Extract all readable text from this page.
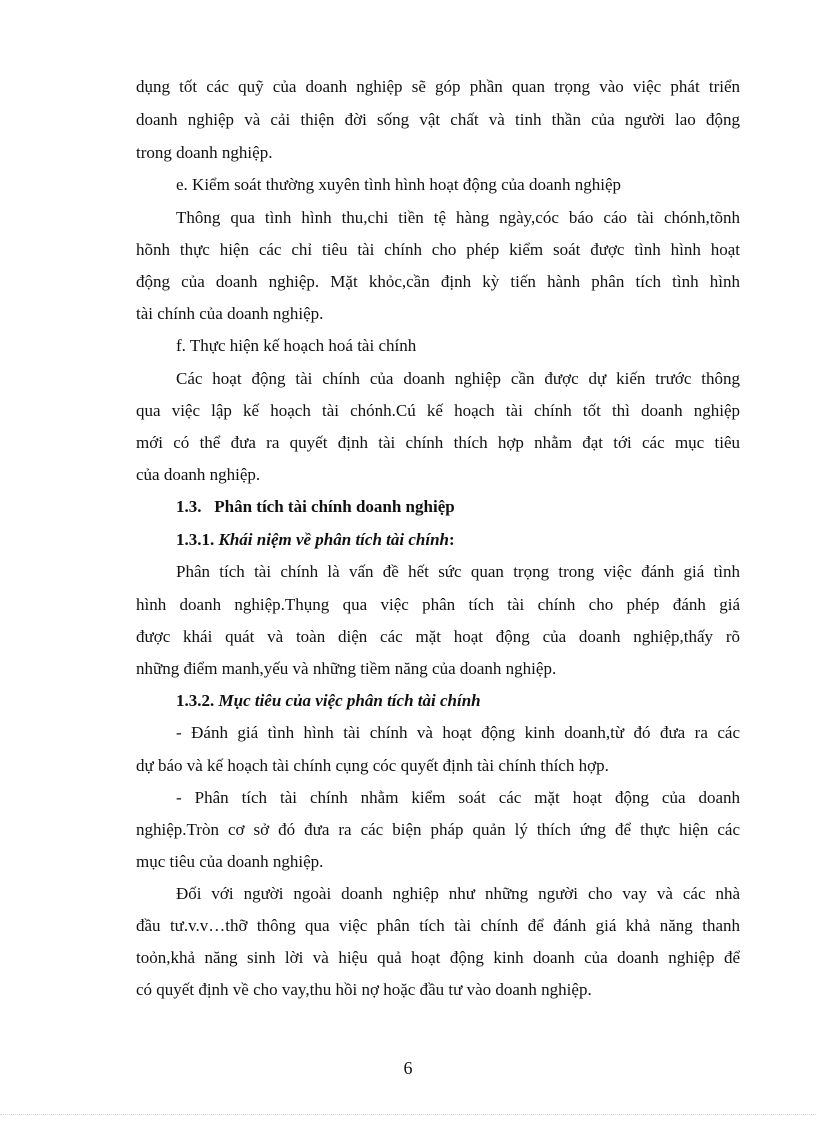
dụng tốt các quỹ của doanh nghiệp sẽ góp phần quan trọng vào việc phát triển
doanh nghiệp và cải thiện đời sống vật chất và tinh thần của người lao động
trong doanh nghiệp.
e. Kiểm soát thường xuyên tình hình hoạt động của doanh nghiệp
Thông qua tình hình thu,chi tiền tệ hàng ngày,cóc báo cáo tài chónh,tõnh
hõnh thực hiện các chỉ tiêu tài chính cho phép kiểm soát được tình hình hoạt
động của doanh nghiệp. Mặt khỏc,cần định kỳ tiến hành phân tích tình hình
tài chính của doanh nghiệp.
f. Thực hiện kế hoạch hoá tài chính
Các hoạt động tài chính của doanh nghiệp cần được dự kiến trước thông
qua việc lập kế hoạch tài chónh.Cú kế hoạch tài chính tốt thì doanh nghiệp
mới có thể đưa ra quyết định tài chính thích hợp nhằm đạt tới các mục tiêu
của doanh nghiệp.
1.3. Phân tích tài chính doanh nghiệp
1.3.1. Khái niệm về phân tích tài chính:
Phân tích tài chính là vấn đề hết sức quan trọng trong việc đánh giá tình
hình doanh nghiệp.Thụng qua việc phân tích tài chính cho phép đánh giá
được khái quát và toàn diện các mặt hoạt động của doanh nghiệp,thấy rõ
những điểm manh,yếu và những tiềm năng của doanh nghiệp.
1.3.2. Mục tiêu của việc phân tích tài chính
- Đánh giá tình hình tài chính và hoạt động kinh doanh,từ đó đưa ra các
dự báo và kế hoạch tài chính cụng cóc quyết định tài chính thích hợp.
- Phân tích tài chính nhằm kiểm soát các mặt hoạt động của doanh
nghiệp.Tròn cơ sở đó đưa ra các biện pháp quản lý thích ứng để thực hiện các
mục tiêu của doanh nghiệp.
Đối với người ngoài doanh nghiệp như những người cho vay và các nhà
đầu tư.v.v…thỡ thông qua việc phân tích tài chính để đánh giá khả năng thanh
toỏn,khả năng sinh lời và hiệu quả hoạt động kinh doanh của doanh nghiệp để
có quyết định về cho vay,thu hồi nợ hoặc đầu tư vào doanh nghiệp.
6
